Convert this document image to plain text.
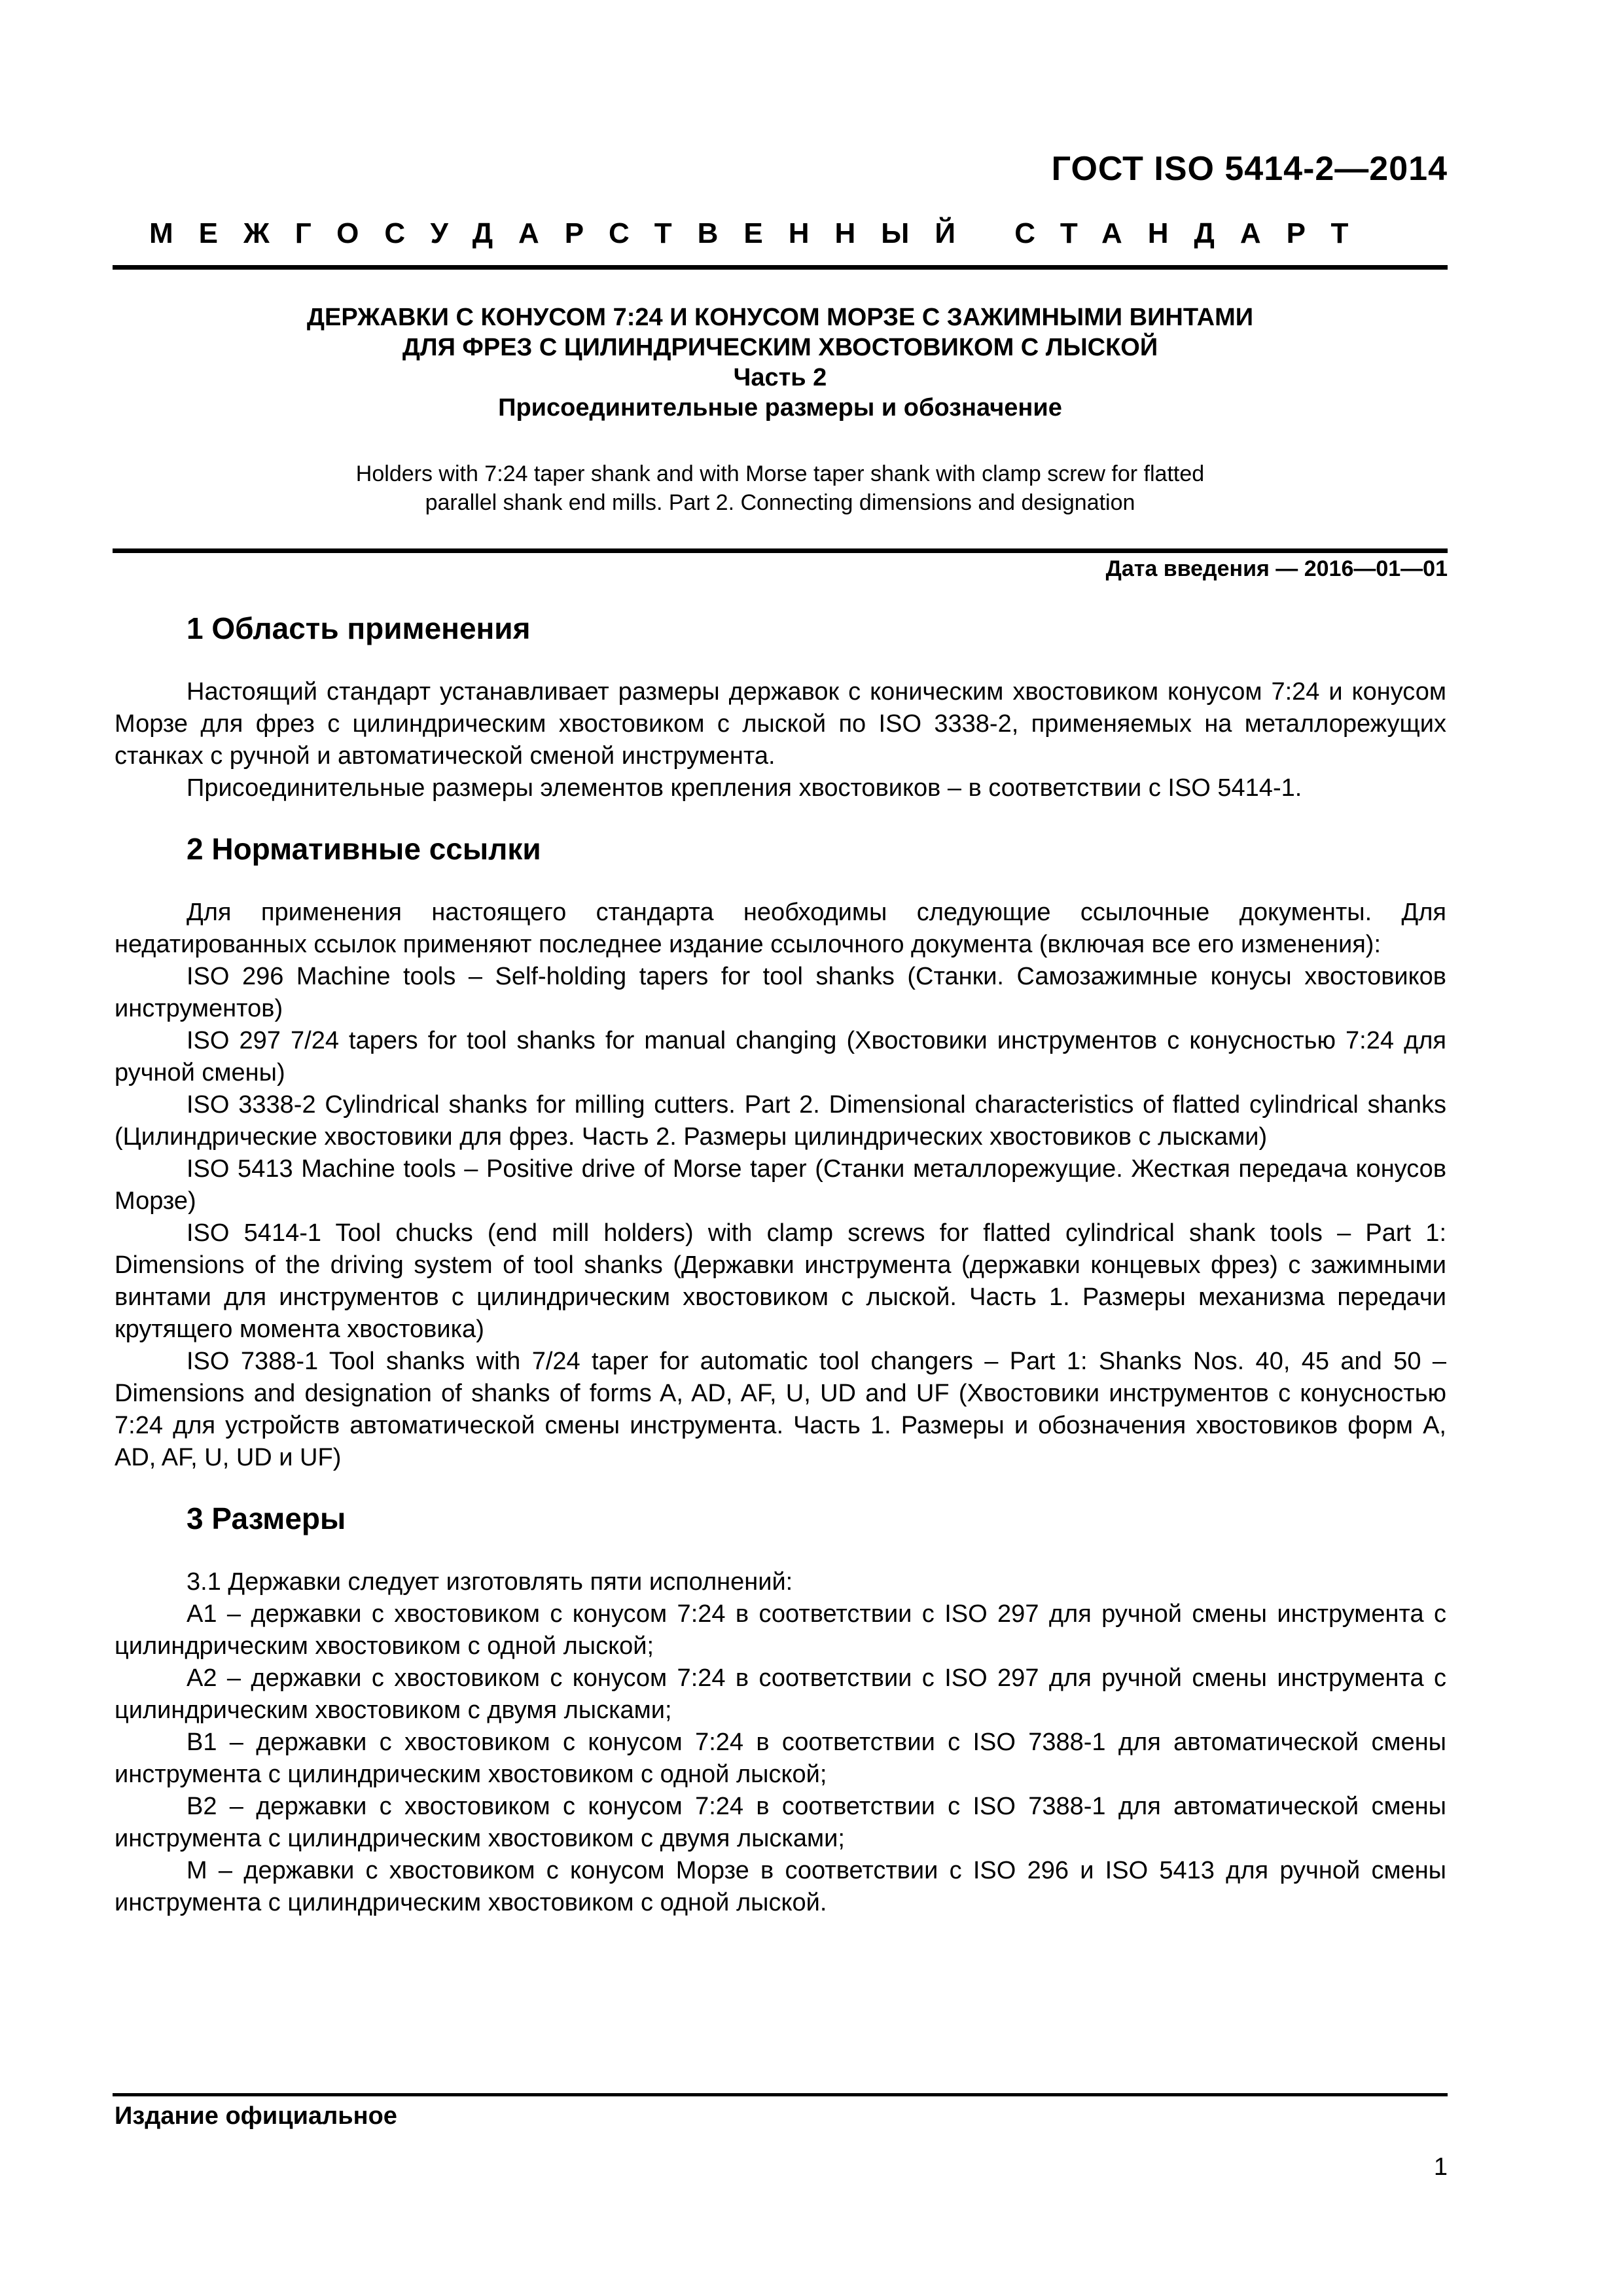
ГОСТ ISO 5414-2—2014
МЕЖГОСУДАРСТВЕННЫЙ СТАНДАРТ
ДЕРЖАВКИ С КОНУСОМ 7:24 И КОНУСОМ МОРЗЕ С ЗАЖИМНЫМИ ВИНТАМИ
ДЛЯ ФРЕЗ С ЦИЛИНДРИЧЕСКИМ ХВОСТОВИКОМ С ЛЫСКОЙ
Часть 2
Присоединительные размеры и обозначение
Holders with 7:24 taper shank and with Morse taper shank with clamp screw for flatted
parallel shank end mills. Part 2. Connecting dimensions and designation
Дата введения — 2016—01—01
1 Область применения

Настоящий стандарт устанавливает размеры державок с коническим хвостовиком конусом 7:24 и конусом Морзе для фрез с цилиндрическим хвостовиком с лыской по ISO 3338-2, применяемых на металлорежущих станках с ручной и автоматической сменой инструмента.

Присоединительные размеры элементов крепления хвостовиков – в соответствии с ISO 5414-1.

2 Нормативные ссылки

Для применения настоящего стандарта необходимы следующие ссылочные документы. Для недатированных ссылок применяют последнее издание ссылочного документа (включая все его изменения):

ISO 296 Machine tools – Self-holding tapers for tool shanks (Станки. Самозажимные конусы хвостовиков инструментов)

ISO 297 7/24 tapers for tool shanks for manual changing (Хвостовики инструментов с конусностью 7:24 для ручной смены)

ISO 3338-2 Cylindrical shanks for milling cutters. Part 2. Dimensional characteristics of flatted cylindrical shanks (Цилиндрические хвостовики для фрез. Часть 2. Размеры цилиндрических хвостовиков с лысками)

ISO 5413 Machine tools – Positive drive of Morse taper (Станки металлорежущие. Жесткая передача конусов Морзе)

ISO 5414-1 Tool chucks (end mill holders) with clamp screws for flatted cylindrical shank tools – Part 1: Dimensions of the driving system of tool shanks (Державки инструмента (державки концевых фрез) с зажимными винтами для инструментов с цилиндрическим хвостовиком с лыской. Часть 1. Размеры механизма передачи крутящего момента хвостовика)

ISO 7388-1 Tool shanks with 7/24 taper for automatic tool changers – Part 1: Shanks Nos. 40, 45 and 50 – Dimensions and designation of shanks of forms A, AD, AF, U, UD and UF (Хвостовики инструментов с конусностью 7:24 для устройств автоматической смены инструмента. Часть 1. Размеры и обозначения хвостовиков форм A, AD, AF, U, UD и UF)

3 Размеры

3.1 Державки следует изготовлять пяти исполнений:

A1 – державки с хвостовиком с конусом 7:24 в соответствии с ISO 297 для ручной смены инструмента с цилиндрическим хвостовиком с одной лыской;

A2 – державки с хвостовиком с конусом 7:24 в соответствии с ISO 297 для ручной смены инструмента с цилиндрическим хвостовиком с двумя лысками;

B1 – державки с хвостовиком с конусом 7:24 в соответствии с ISO 7388-1 для автоматической смены инструмента с цилиндрическим хвостовиком с одной лыской;

B2 – державки с хвостовиком с конусом 7:24 в соответствии с ISO 7388-1 для автоматической смены инструмента с цилиндрическим хвостовиком с двумя лысками;

M – державки с хвостовиком с конусом Морзе в соответствии с ISO 296 и ISO 5413 для ручной смены инструмента с цилиндрическим хвостовиком с одной лыской.

Издание официальное
1
